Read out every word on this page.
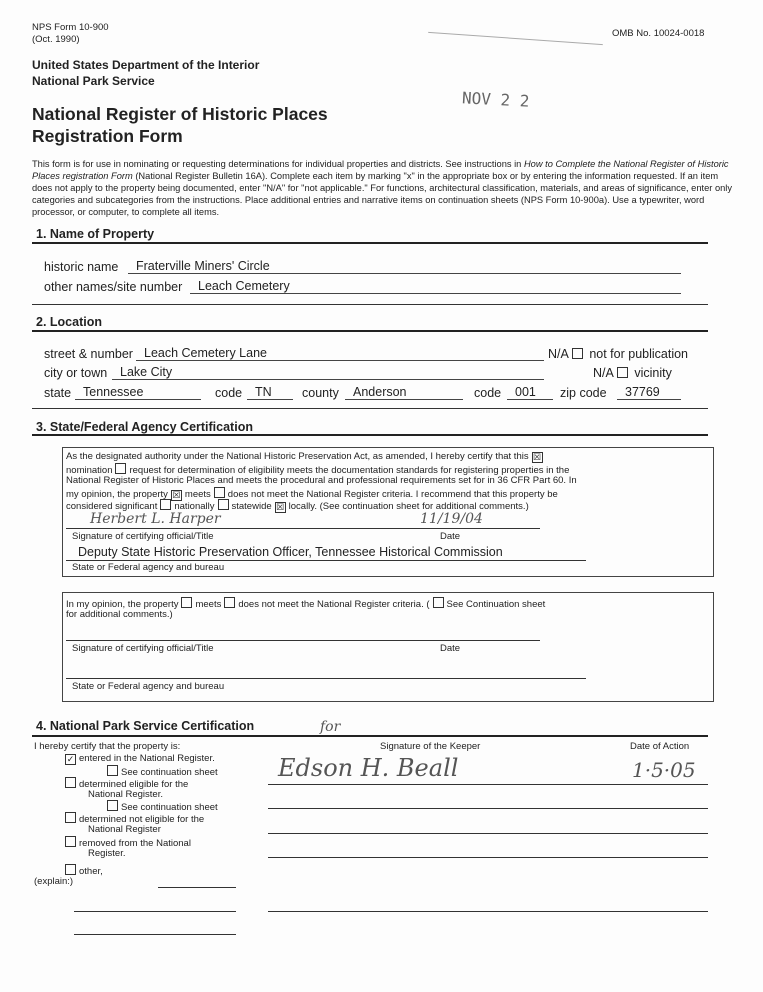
NPS Form 10-900
(Oct. 1990)
OMB No. 10024-0018
United States Department of the Interior
National Park Service
National Register of Historic Places
Registration Form
NOV 2 2
This form is for use in nominating or requesting determinations for individual properties and districts. See instructions in How to Complete the National Register of Historic Places registration Form (National Register Bulletin 16A). Complete each item by marking "x" in the appropriate box or by entering the information requested. If an item does not apply to the property being documented, enter "N/A" for "not applicable." For functions, architectural classification, materials, and areas of significance, enter only categories and subcategories from the instructions. Place additional entries and narrative items on continuation sheets (NPS Form 10-900a). Use a typewriter, word processor, or computer, to complete all items.
1. Name of Property
historic name	Fraterville Miners' Circle
other names/site number	Leach Cemetery
2. Location
street & number Leach Cemetery Lane	N/A not for publication
city or town	Lake City	N/A vicinity
state Tennessee	code	TN	county	Anderson	code	001	zip code	37769
3. State/Federal Agency Certification
As the designated authority under the National Historic Preservation Act, as amended, I hereby certify that this ☒
nomination request for determination of eligibility meets the documentation standards for registering properties in the
National Register of Historic Places and meets the procedural and professional requirements set for in 36 CFR Part 60. In
my opinion, the property ☒ meets does not meet the National Register criteria. I recommend that this property be
considered significant nationally statewide ☒ locally. (See continuation sheet for additional comments.)
Herbert L. Harper	11/19/04
Signature of certifying official/Title	Date
Deputy State Historic Preservation Officer, Tennessee Historical Commission
State or Federal agency and bureau
In my opinion, the property meets does not meet the National Register criteria. ( See Continuation sheet
for additional comments.)
Signature of certifying official/Title	Date
State or Federal agency and bureau
4. National Park Service Certification
I hereby certify that the property is:
✓ entered in the National Register.
See continuation sheet
determined eligible for the
National Register.
See continuation sheet
determined not eligible for the
National Register
removed from the National
Register.
other,
(explain:)
Signature of the Keeper	Date of Action
Edson H. Beall
for
1·5·05
